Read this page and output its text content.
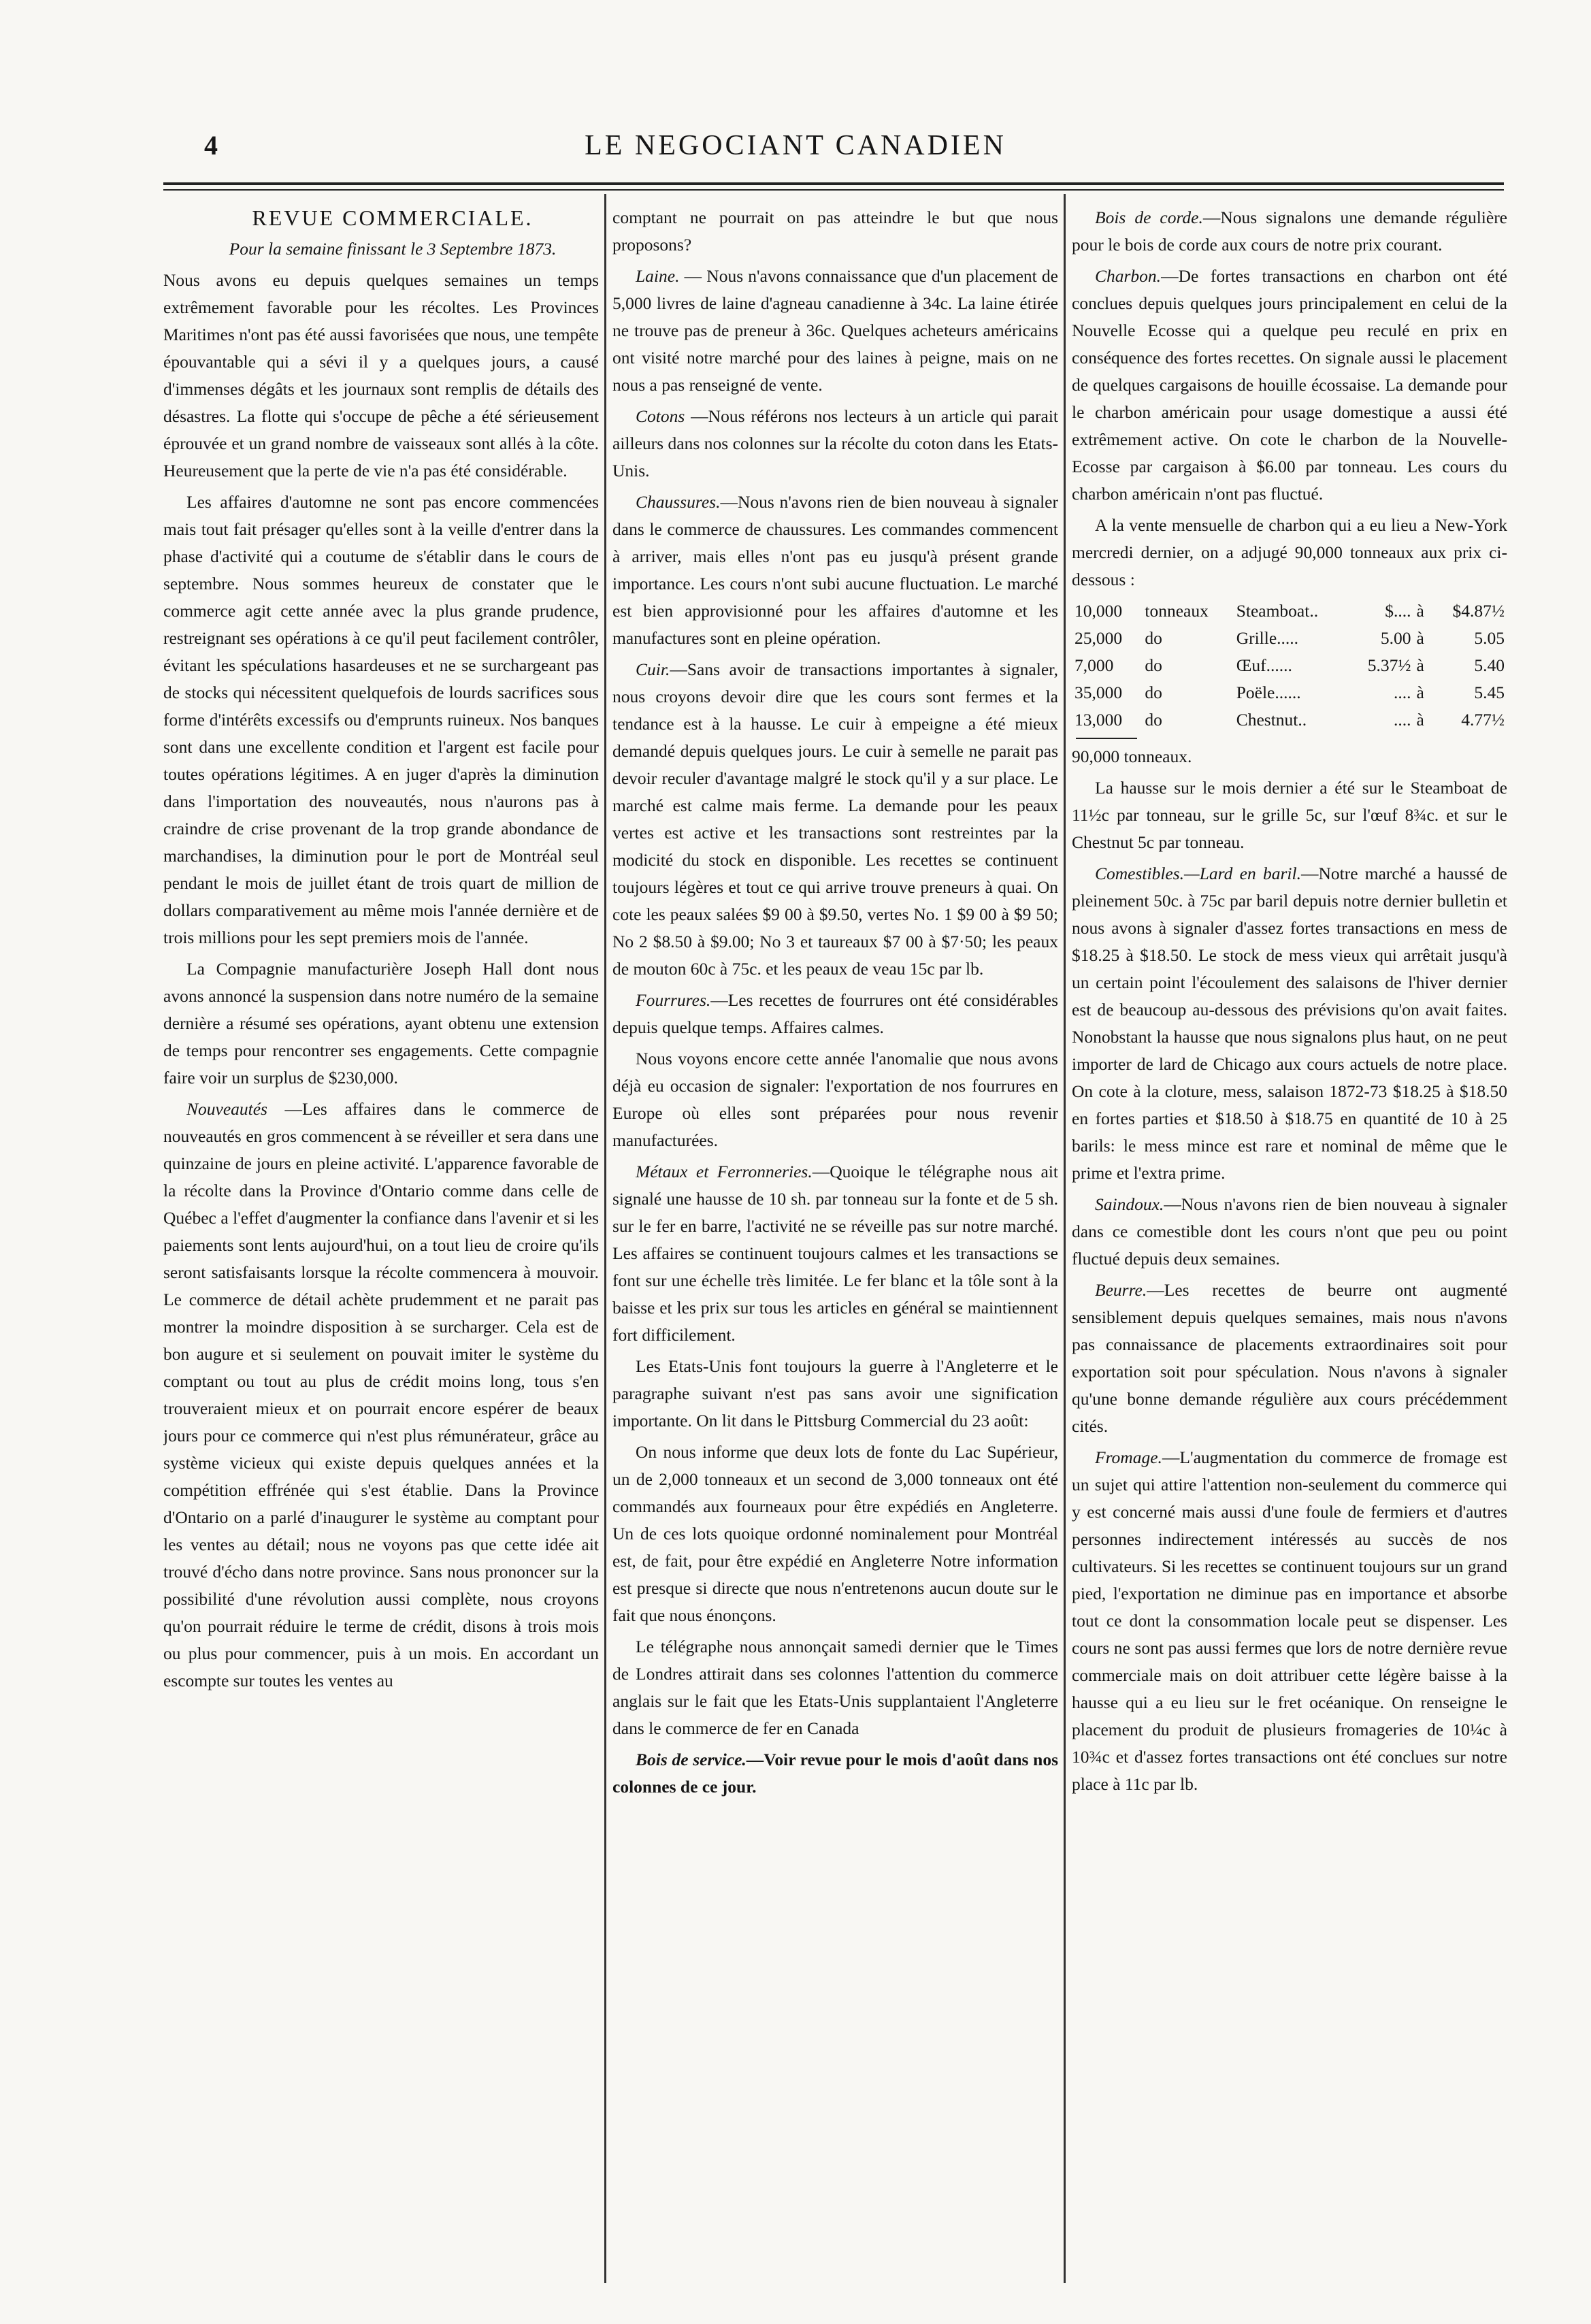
4	LE NEGOCIANT CANADIEN

REVUE COMMERCIALE.

Pour la semaine finissant le 3 Septembre 1873.

Nous avons eu depuis quelques semaines un temps extrêmement favorable pour les récoltes. Les Provinces Maritimes n'ont pas été aussi favorisées que nous, une tempête épouvantable qui a sévi il y a quelques jours, a causé d'immenses dégâts et les journaux sont remplis de détails des désastres. La flotte qui s'occupe de pêche a été sérieusement éprouvée et un grand nombre de vaisseaux sont allés à la côte. Heureusement que la perte de vie n'a pas été considérable.

Les affaires d'automne ne sont pas encore commencées mais tout fait présager qu'elles sont à la veille d'entrer dans la phase d'activité qui a coutume de s'établir dans le cours de septembre. Nous sommes heureux de constater que le commerce agit cette année avec la plus grande prudence, restreignant ses opérations à ce qu'il peut facilement contrôler, évitant les spéculations hasardeuses et ne se surchargeant pas de stocks qui nécessitent quelquefois de lourds sacrifices sous forme d'intérêts excessifs ou d'emprunts ruineux. Nos banques sont dans une excellente condition et l'argent est facile pour toutes opérations légitimes. A en juger d'après la diminution dans l'importation des nouveautés, nous n'aurons pas à craindre de crise provenant de la trop grande abondance de marchandises, la diminution pour le port de Montréal seul pendant le mois de juillet étant de trois quart de million de dollars comparativement au même mois l'année dernière et de trois millions pour les sept premiers mois de l'année.

La Compagnie manufacturière Joseph Hall dont nous avons annoncé la suspension dans notre numéro de la semaine dernière a résumé ses opérations, ayant obtenu une extension de temps pour rencontrer ses engagements. Cette compagnie faire voir un surplus de $230,000.

Nouveautés —Les affaires dans le commerce de nouveautés en gros commencent à se réveiller et sera dans une quinzaine de jours en pleine activité. L'apparence favorable de la récolte dans la Province d'Ontario comme dans celle de Québec a l'effet d'augmenter la confiance dans l'avenir et si les paiements sont lents aujourd'hui, on a tout lieu de croire qu'ils seront satisfaisants lorsque la récolte commencera à mouvoir. Le commerce de détail achète prudemment et ne parait pas montrer la moindre disposition à se surcharger. Cela est de bon augure et si seulement on pouvait imiter le système du comptant ou tout au plus de crédit moins long, tous s'en trouveraient mieux et on pourrait encore espérer de beaux jours pour ce commerce qui n'est plus rémunérateur, grâce au système vicieux qui existe depuis quelques années et la compétition effrénée qui s'est établie. Dans la Province d'Ontario on a parlé d'inaugurer le système au comptant pour les ventes au détail; nous ne voyons pas que cette idée ait trouvé d'écho dans notre province. Sans nous prononcer sur la possibilité d'une révolution aussi complète, nous croyons qu'on pourrait réduire le terme de crédit, disons à trois mois ou plus pour commencer, puis à un mois. En accordant un escompte sur toutes les ventes au

comptant ne pourrait on pas atteindre le but que nous proposons?

Laine. — Nous n'avons connaissance que d'un placement de 5,000 livres de laine d'agneau canadienne à 34c. La laine étirée ne trouve pas de preneur à 36c. Quelques acheteurs américains ont visité notre marché pour des laines à peigne, mais on ne nous a pas renseigné de vente.

Cotons —Nous référons nos lecteurs à un article qui parait ailleurs dans nos colonnes sur la récolte du coton dans les Etats-Unis.

Chaussures.—Nous n'avons rien de bien nouveau à signaler dans le commerce de chaussures. Les commandes commencent à arriver, mais elles n'ont pas eu jusqu'à présent grande importance. Les cours n'ont subi aucune fluctuation. Le marché est bien approvisionné pour les affaires d'automne et les manufactures sont en pleine opération.

Cuir.—Sans avoir de transactions importantes à signaler, nous croyons devoir dire que les cours sont fermes et la tendance est à la hausse. Le cuir à empeigne a été mieux demandé depuis quelques jours. Le cuir à semelle ne parait pas devoir reculer d'avantage malgré le stock qu'il y a sur place. Le marché est calme mais ferme. La demande pour les peaux vertes est active et les transactions sont restreintes par la modicité du stock en disponible. Les recettes se continuent toujours légères et tout ce qui arrive trouve preneurs à quai. On cote les peaux salées $9 00 à $9.50, vertes No. 1 $9 00 à $9 50; No 2 $8.50 à $9.00; No 3 et taureaux $7 00 à $7·50; les peaux de mouton 60c à 75c. et les peaux de veau 15c par lb.

Fourrures.—Les recettes de fourrures ont été considérables depuis quelque temps. Affaires calmes.

Nous voyons encore cette année l'anomalie que nous avons déjà eu occasion de signaler: l'exportation de nos fourrures en Europe où elles sont préparées pour nous revenir manufacturées.

Métaux et Ferronneries.—Quoique le télégraphe nous ait signalé une hausse de 10 sh. par tonneau sur la fonte et de 5 sh. sur le fer en barre, l'activité ne se réveille pas sur notre marché. Les affaires se continuent toujours calmes et les transactions se font sur une échelle très limitée. Le fer blanc et la tôle sont à la baisse et les prix sur tous les articles en général se maintiennent fort difficilement.

Les Etats-Unis font toujours la guerre à l'Angleterre et le paragraphe suivant n'est pas sans avoir une signification importante. On lit dans le Pittsburg Commercial du 23 août:

On nous informe que deux lots de fonte du Lac Supérieur, un de 2,000 tonneaux et un second de 3,000 tonneaux ont été commandés aux fourneaux pour être expédiés en Angleterre. Un de ces lots quoique ordonné nominalement pour Montréal est, de fait, pour être expédié en Angleterre Notre information est presque si directe que nous n'entretenons aucun doute sur le fait que nous énonçons.

Le télégraphe nous annonçait samedi dernier que le Times de Londres attirait dans ses colonnes l'attention du commerce anglais sur le fait que les Etats-Unis supplantaient l'Angleterre dans le commerce de fer en Canada

Bois de service.—Voir revue pour le mois d'août dans nos colonnes de ce jour.

Bois de corde.—Nous signalons une demande régulière pour le bois de corde aux cours de notre prix courant.

Charbon.—De fortes transactions en charbon ont été conclues depuis quelques jours principalement en celui de la Nouvelle Ecosse qui a quelque peu reculé en prix en conséquence des fortes recettes. On signale aussi le placement de quelques cargaisons de houille écossaise. La demande pour le charbon américain pour usage domestique a aussi été extrêmement active. On cote le charbon de la Nouvelle-Ecosse par cargaison à $6.00 par tonneau. Les cours du charbon américain n'ont pas fluctué.

A la vente mensuelle de charbon qui a eu lieu a New-York mercredi dernier, on a adjugé 90,000 tonneaux aux prix ci-dessous :

10,000	tonneaux	Steamboat..	$....	à	$4.87½
25,000	do	Grille.....	5.00	à	5.05
7,000	do	Œuf......	5.37½	à	5.40
35,000	do	Poële......	....	à	5.45
13,000	do	Chestnut..	....	à	4.77½

90,000 tonneaux.

La hausse sur le mois dernier a été sur le Steamboat de 11½c par tonneau, sur le grille 5c, sur l'œuf 8¾c. et sur le Chestnut 5c par tonneau.

Comestibles.—Lard en baril.—Notre marché a haussé de pleinement 50c. à 75c par baril depuis notre dernier bulletin et nous avons à signaler d'assez fortes transactions en mess de $18.25 à $18.50. Le stock de mess vieux qui arrêtait jusqu'à un certain point l'écoulement des salaisons de l'hiver dernier est de beaucoup au-dessous des prévisions qu'on avait faites. Nonobstant la hausse que nous signalons plus haut, on ne peut importer de lard de Chicago aux cours actuels de notre place. On cote à la cloture, mess, salaison 1872-73 $18.25 à $18.50 en fortes parties et $18.50 à $18.75 en quantité de 10 à 25 barils: le mess mince est rare et nominal de même que le prime et l'extra prime.

Saindoux.—Nous n'avons rien de bien nouveau à signaler dans ce comestible dont les cours n'ont que peu ou point fluctué depuis deux semaines.

Beurre.—Les recettes de beurre ont augmenté sensiblement depuis quelques semaines, mais nous n'avons pas connaissance de placements extraordinaires soit pour exportation soit pour spéculation. Nous n'avons à signaler qu'une bonne demande régulière aux cours précédemment cités.

Fromage.—L'augmentation du commerce de fromage est un sujet qui attire l'attention non-seulement du commerce qui y est concerné mais aussi d'une foule de fermiers et d'autres personnes indirectement intéressés au succès de nos cultivateurs. Si les recettes se continuent toujours sur un grand pied, l'exportation ne diminue pas en importance et absorbe tout ce dont la consommation locale peut se dispenser. Les cours ne sont pas aussi fermes que lors de notre dernière revue commerciale mais on doit attribuer cette légère baisse à la hausse qui a eu lieu sur le fret océanique. On renseigne le placement du produit de plusieurs fromageries de 10¼c à 10¾c et d'assez fortes transactions ont été conclues sur notre place à 11c par lb.
